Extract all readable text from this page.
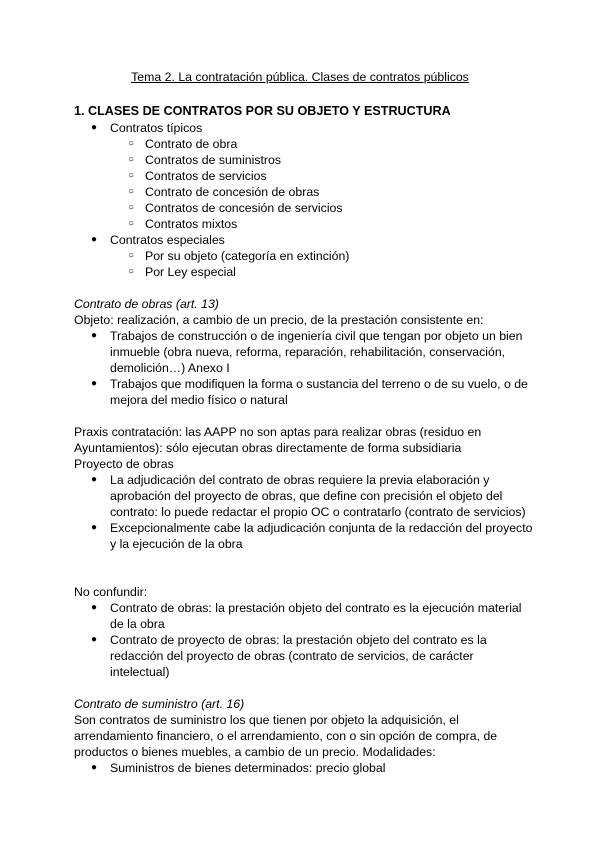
Tema 2. La contratación pública. Clases de contratos públicos
1. CLASES DE CONTRATOS POR SU OBJETO Y ESTRUCTURA
● Contratos típicos
○ Contrato de obra
○ Contratos de suministros
○ Contratos de servicios
○ Contrato de concesión de obras
○ Contratos de concesión de servicios
○ Contratos mixtos
● Contratos especiales
○ Por su objeto (categoría en extinción)
○ Por Ley especial

Contrato de obras (art. 13)

Objeto: realización, a cambio de un precio, de la prestación consistente en:

● Trabajos de construcción o de ingeniería civil que tengan por objeto un bien inmueble (obra nueva, reforma, reparación, rehabilitación, conservación, demolición…) Anexo I
● Trabajos que modifiquen la forma o sustancia del terreno o de su vuelo, o de mejora del medio físico o natural

Praxis contratación: las AAPP no son aptas para realizar obras (residuo en Ayuntamientos): sólo ejecutan obras directamente de forma subsidiaria

Proyecto de obras

● La adjudicación del contrato de obras requiere la previa elaboración y aprobación del proyecto de obras, que define con precisión el objeto del contrato: lo puede redactar el propio OC o contratarlo (contrato de servicios)
● Excepcionalmente cabe la adjudicación conjunta de la redacción del proyecto y la ejecución de la obra

No confundir:

● Contrato de obras: la prestación objeto del contrato es la ejecución material de la obra
● Contrato de proyecto de obras: la prestación objeto del contrato es la redacción del proyecto de obras (contrato de servicios, de carácter intelectual)

Contrato de suministro (art. 16)

Son contratos de suministro los que tienen por objeto la adquisición, el arrendamiento financiero, o el arrendamiento, con o sin opción de compra, de productos o bienes muebles, a cambio de un precio. Modalidades:

● Suministros de bienes determinados: precio global
